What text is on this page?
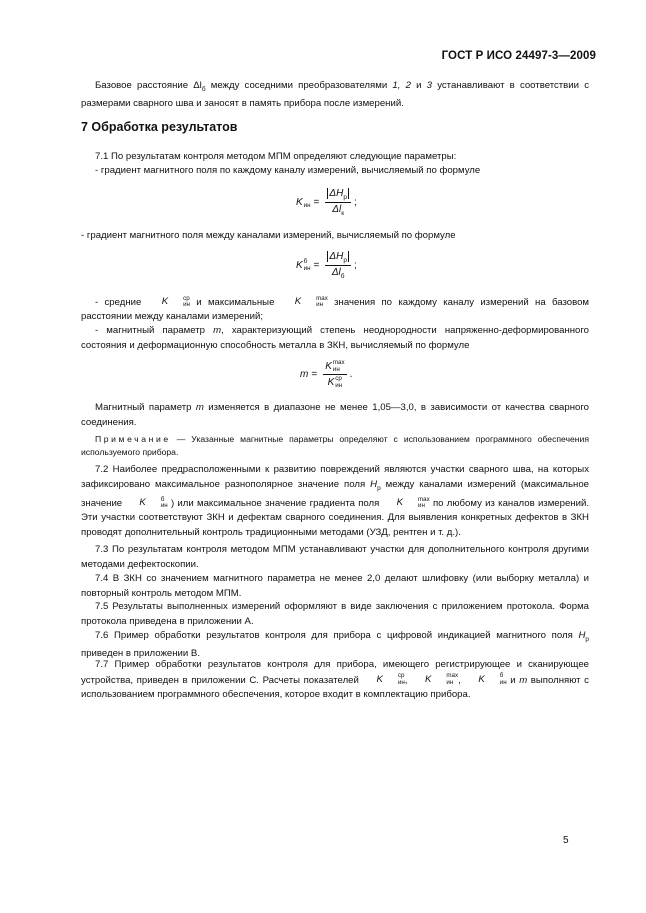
ГОСТ Р ИСО 24497-3—2009
Базовое расстояние $\Delta l_б$ между соседними преобразователями 1, 2 и 3 устанавливают в соответствии с размерами сварного шва и заносят в память прибора после измерений.
7 Обработка результатов
7.1 По результатам контроля методом МПМ определяют следующие параметры:
- градиент магнитного поля по каждому каналу измерений, вычисляемый по формуле
K
ин = $\frac{\Delta H_р}{\Delta l_к}$ ;
- градиент магнитного поля между каналами измерений, вычисляемый по формуле
K б
ин = $\frac{\Delta H_р}{\Delta l_б}$ ;
- средние	K	ср
ин и максимальные	K	max
ин значения по каждому каналу измерений на базовом расстоянии между каналами измерений;
- магнитный параметр m, характеризующий степень неоднородности напряженно-деформированного состояния и деформационную способность металла в ЗКН, вычисляемый по формуле
m = K max
ин
K ср
ин .
Магнитный параметр m изменяется в диапазоне не менее 1,05—3,0, в зависимости от качества сварного соединения.
Примечание — Указанные магнитные параметры определяют с использованием программного обеспечения используемого прибора.
7.2 Наиболее предрасположенными к развитию повреждений являются участки сварного шва, на которых зафиксировано максимальное разнополярное значение поля $H_р$ между каналами измерений (максимальное значение	K	б
ин ) или максимальное значение градиента поля	K	max
ин по любому из каналов измерений. Эти участки соответствуют ЗКН и дефектам сварного соединения. Для выявления конкретных дефектов в ЗКН проводят дополнительный контроль традиционными методами (УЗД, рентген и т. д.).
7.3 По результатам контроля методом МПМ устанавливают участки для дополнительного контроля другими методами дефектоскопии.
7.4 В ЗКН со значением магнитного параметра не менее 2,0 делают шлифовку (или выборку металла) и повторный контроль методом МПМ.
7.5 Результаты выполненных измерений оформляют в виде заключения с приложением протокола. Форма протокола приведена в приложении А.
7.6 Пример обработки результатов контроля для прибора с цифровой индикацией магнитного поля $H_р$ приведен в приложении В.
7.7 Пример обработки результатов контроля для прибора, имеющего регистрирующее и сканирующее устройства, приведен в приложении С. Расчеты показателей	K	ср
ин ,	K	max
ин ,	K	б
ин и m выполняют с использованием программного обеспечения, которое входит в комплектацию прибора.
5
